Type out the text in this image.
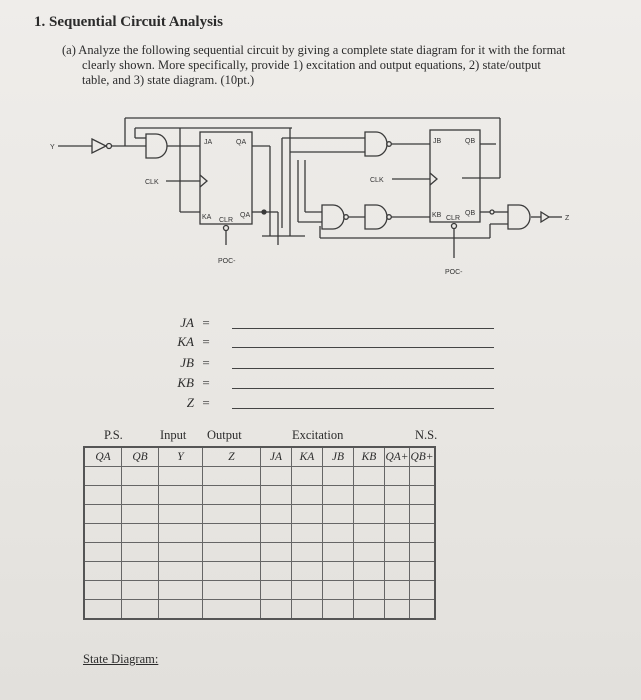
1. Sequential Circuit Analysis
(a) Analyze the following sequential circuit by giving a complete state diagram for it with the format
clearly shown. More specifically, provide 1) excitation and output equations, 2) state/output
table, and 3) state diagram. (10pt.)
Y
JA	QA
KA CLR
QA
CLK
POC-
JB	QB
KB CLR
QB
CLK
POC-
Z
JA =
KA =
JB =
KB =
Z =
P.S.	Input Output	Excitation	N.S.
QA	QB	Y	Z	JA	KA	JB	KB	QA+	QB+

State Diagram:
